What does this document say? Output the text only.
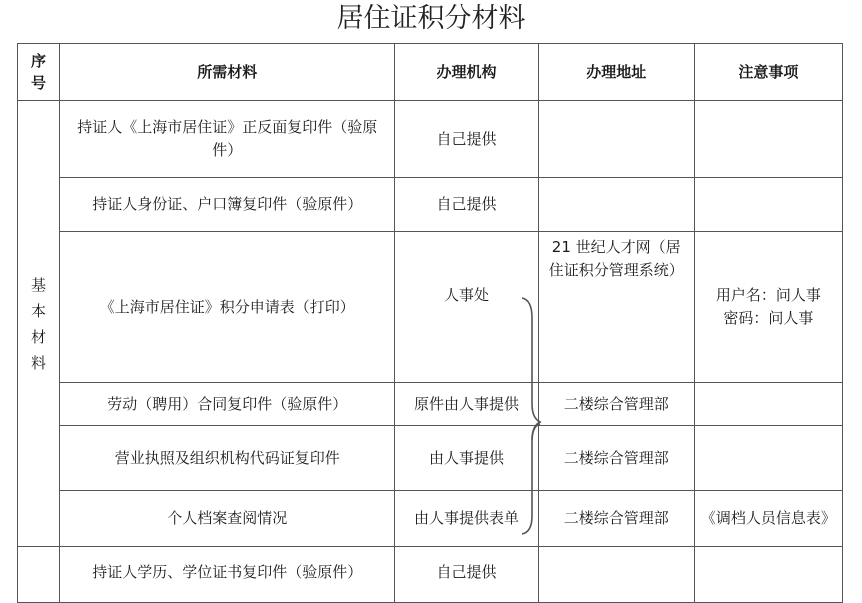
居住证积分材料
序
号	所需材料	办理机构	办理地址	注意事项

基
本
材
料	持证人《上海市居住证》正反面复印件（验原件）	自己提供		
	持证人身份证、户口簿复印件（验原件）	自己提供		
	《上海市居住证》积分申请表（打印）	人事处	21 世纪人才网（居住证积分管理系统）	用户名：问人事
密码：问人事

	劳动（聘用）合同复印件（验原件）	原件由人事提供	二楼综合管理部	
	营业执照及组织机构代码证复印件	由人事提供	二楼综合管理部	
	个人档案查阅情况	由人事提供表单	二楼综合管理部	《调档人员信息表》
	持证人学历、学位证书复印件（验原件）	自己提供		
